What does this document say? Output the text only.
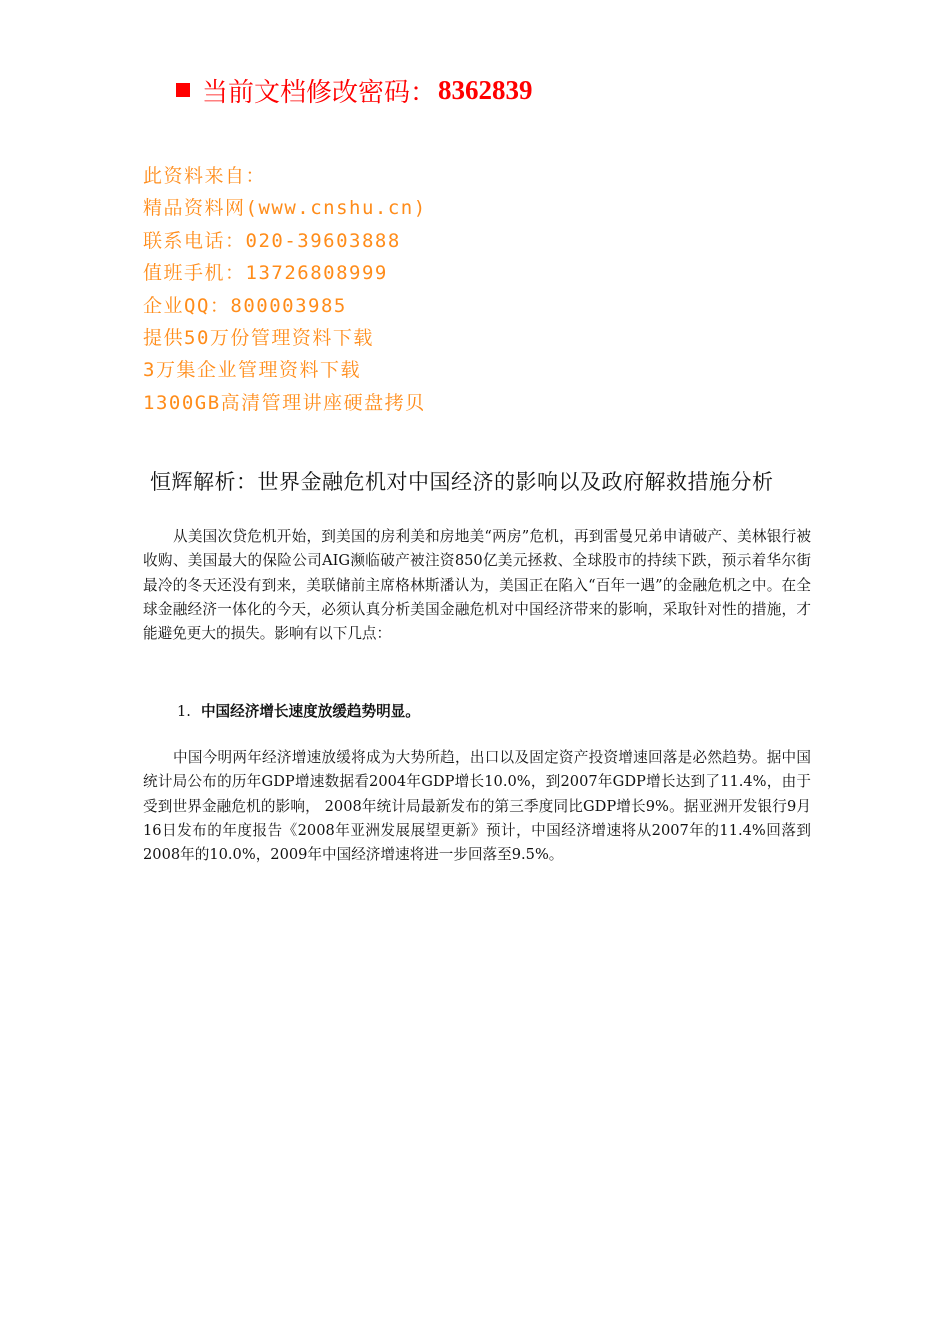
当前文档修改密码： 8362839
此资料来自：
精品资料网(www.cnshu.cn)
联系电话：020-39603888
值班手机：13726808999
企业QQ：800003985
提供50万份管理资料下载
3万集企业管理资料下载
1300GB高清管理讲座硬盘拷贝
恒辉解析：世界金融危机对中国经济的影响以及政府解救措施分析

从美国次贷危机开始，到美国的房利美和房地美“两房”危机，再到雷曼兄弟申请破产、美林银行被收购、美国最大的保险公司AIG濒临破产被注资850亿美元拯救、全球股市的持续下跌，预示着华尔街最冷的冬天还没有到来，美联储前主席格林斯潘认为，美国正在陷入“百年一遇”的金融危机之中。在全球金融经济一体化的今天，必须认真分析美国金融危机对中国经济带来的影响，采取针对性的措施，才能避免更大的损失。影响有以下几点：

1. 中国经济增长速度放缓趋势明显。

中国今明两年经济增速放缓将成为大势所趋，出口以及固定资产投资增速回落是必然趋势。据中国统计局公布的历年GDP增速数据看2004年GDP增长10.0%，到2007年GDP增长达到了11.4%，由于受到世界金融危机的影响， 2008年统计局最新发布的第三季度同比GDP增长9%。据亚洲开发银行9月16日发布的年度报告《2008年亚洲发展展望更新》预计，中国经济增速将从2007年的11.4%回落到2008年的10.0%，2009年中国经济增速将进一步回落至9.5%。
